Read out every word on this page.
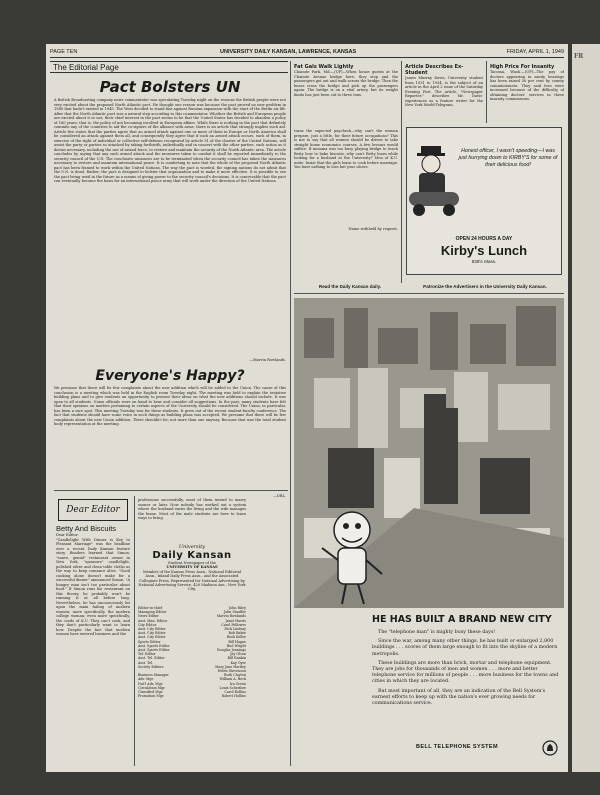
PAGE TEN	UNIVERSITY DAILY KANSAN, LAWRENCE, KANSAS	FRIDAY, APRIL 1, 1949
The Editorial Page
Pact Bolsters UN
A British Broadcasting company news commentator was speculating Tuesday night on the reasons the British people were not very excited about the proposed North Atlantic pact. He thought one reason was because the pact proved no new problem in 1940 that hadn't existed in 1945. The West decided to stand fast against Russian expansion with the start of the Berlin air lift. After that the North Atlantic pact was a natural step according to this commentator. Whether the British and European people are excited about it or not, their chief interest in the pact seems to be that the United States has decided to abandon a policy of 160 years; that is, the policy of not becoming involved in European affairs. While there is nothing in the pact that definitely commits any of the countries to aid the co-signers of the alliance with arms, there is an article that strongly implies such aid. Article five states that the parties agree that an armed attack against one or more of them in Europe or North America shall be considered an attack against them all, and consequently they agree that if such an armed attack occurs, each of them, in exercise of the right of individual or collective self-defense recognized by article 51 of the charter of the United Nations, will assist the party or parties so attacked by taking forthwith, individually and in concert with the other parties, such action as it deems necessary, including the use of armed force, to restore and maintain the security of the North Atlantic area. The article concludes by saying that any such armed attack and the measures taken to combat it shall be reported immediately to the security council of the U.N. The conclusive measures are to be terminated when the security council has taken the measures necessary to restore and maintain international peace. It is comforting to note that the whole of the proposed North Atlantic pact has been framed to work within the United Nations. The way the pact is worded, the signing nations do not admit that the U.N. is dead. Rather, the pact is designed to bolster that organization and to make it more effective. It is possible to see the pact being used in the future as a means of giving power to the security council's decisions. It is conceivable that the pact can eventually become the basis for an international peace army that will work under the direction of the United Nations.
—Marvin Rowlands.
Everyone's Happy?
We presume that there will be few complaints about the new addition which will be added to the Union. The cause of this conclusion is a meeting which was held in the English room Tuesday night. The meeting was held to explain the tentative building plans and to give students an opportunity to present their ideas on what the new additions should include. It was open to all students. Union officials were on hand to hear and consider all suggestions. In the past, many students have felt that their opinions on matters pertaining to certain aspects of the University should be considered. The Union, in particular, has been a sore spot. This meeting Tuesday was for these students. It grew out of the recent student-faculty conference. The fact that students should have some voice in such things as building plans was accepted. We presume that there will be few complaints about the new Union addition. There shouldn't be; not more than one anyway. Because that was the total student body representation at the meeting.
—DRL.
Dear Editor
Betty And Biscuits
Dear Editor:
"Candlelight With Dinner is Key to Pleasant Marriage" was the headline over a recent Daily Kansan feature story. Readers learned that Simon, "suave, genial" restaurant owner in New York, "sponsors" candlelight, polished silver and clean table cloths as the way to keep romance alive. "Good cooking alone doesn't make for a successful dinner" announced Simon. "A hungry man isn't too particular about food." If Simon runs his restaurant on this theory, he probably won't be running it at all before long. Nevertheless, he has unconsciously hit upon the main failing of modern women; more specifically, the modern college woman; even more specifically, the coeds of K.U. They can't cook, and they don't particularly want to learn how. Despite the fact that modern women have entered business and the
professions successfully, most of them intend to marry sooner or later. Now nobody has worked out a system where the husband earns the living and the wife manages the home. Most of the male students are here to learn ways to bring
University
Daily Kansan
Student Newspaper of the
UNIVERSITY OF KANSAS
Member of the Kansas Press Assn., National Editorial Assn., Inland Daily Press Assn., and the Associated Collegiate Press. Represented for National Advertising by National Advertising Service, 420 Madison Ave., New York City.
Editor-in-chief	John Riley
Managing Editor	John Stauffer
News Editor	Marvin Rowlands
Asst. Man. Editor	Janet Harris
City Editor	Carol Fellowes
Asst. City Editor	Dick Lindsay
Asst. City Editor	Bob Baker
Asst. City Editor	Ruth Keller
Sports Editor	Bill Hague
Asst. Sports Editor	Bud Wright
Asst. Sports Editor	Douglas Jennings
Tel. Editor	Jay Olson
Asst. Tel. Editor	Bill Rankin
Asst. Tel.	Kay Oyer
Society Editors	Mary Jane Hartley
Helen Stevenson
Business Manager	Ruth Clayton
Adv. Mgr.	William A. Beck
Nat'l Adv. Mgr.	Ira Green
Circulation Mgr.	Louis Scheriber
Classified Mgr.	Carol Rollins
Promotion Mgr.	Robert Hollins
Fat Gals Walk Lightly
Chanute Park, Md.—(UP)—When house guests at the Chanute Avenue bridge here, they stop and the passengers get out and walk across the bridge. Then the buses cross the bridge and pick up the passengers again. The bridge is on a vital artery, but its weight limits has just been cut to three tons.
turns the expected paycheck—why can't the women prepare, just a little, for their future occupations? This is not to say that all women should be driven to take straight home economics courses. A few lessons would suffice. If momma was too busy playing bridge to teach Betty how to bake biscuits, why can't Betty learn while looking for a husband at the University? Men of K.U. unite. Insist that the girls learn to cook before marriage. You have nothing to lose but your ulcers.
Name withheld by request.
Article Describes Ex-Student
James Murray Davis, University student from 1931 to 1934, is the subject of an article in the April 2 issue of the Saturday Evening Post. The article, "Newspaper Reporter," describes Mr. Davis' experiences as a feature writer for the New York World-Telegram.
High Price For Insanity
Tacoma, Wash.—(UP)—The pay of doctors appearing in sanity hearings has been raised 50 per cent by county commissioners. They said fees were increased because of the difficulty of obtaining doctors' services in these insanity commissions.
Honest officer, I wasn't speeding—I was just hurrying down to KIRBY'S for some of their delicious food!
OPEN 24 HOURS A DAY
Kirby's Lunch
838½ Mass.
Read the Daily Kansan daily.	Patronize the Advertisers in the University Daily Kansan.
HE HAS BUILT A BRAND NEW CITY

The "telephone man" is mighty busy these days!

Since the war, among many other things, he has built or enlarged 2,800 buildings . . . scores of them large enough to fit into the skyline of a modern metropolis.

These buildings are more than brick, mortar and telephone equipment. They are jobs for thousands of men and women . . . more and better telephone service for millions of people . . . more business for the towns and cities in which they are located.

But most important of all, they are an indication of the Bell System's earnest efforts to keep up with the nation's ever growing needs for communications service.

BELL TELEPHONE SYSTEM
FR
